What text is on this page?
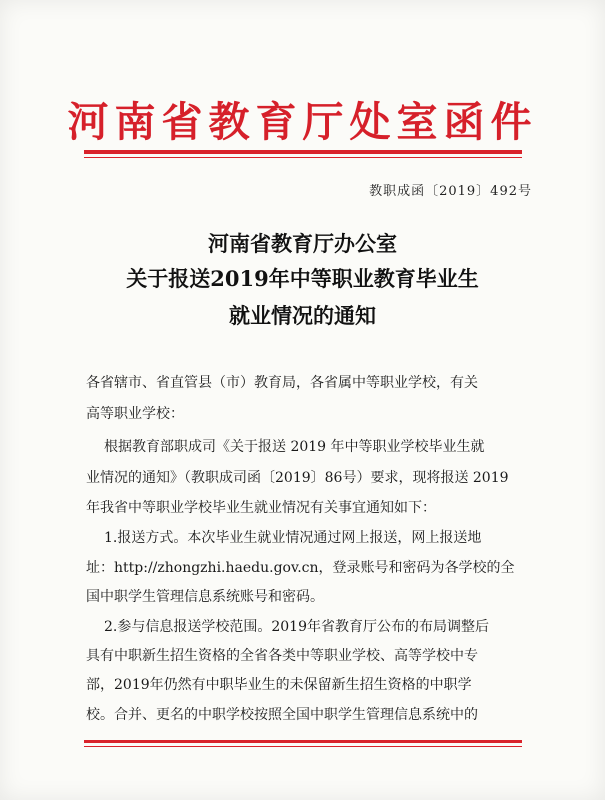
河南省教育厅处室函件
教职成函〔2019〕492号
河南省教育厅办公室
关于报送2019年中等职业教育毕业生
就业情况的通知
各省辖市、省直管县（市）教育局，各省属中等职业学校，有关
高等职业学校：
根据教育部职成司《关于报送 2019 年中等职业学校毕业生就
业情况的通知》（教职成司函〔2019〕86号）要求，现将报送 2019
年我省中等职业学校毕业生就业情况有关事宜通知如下：
1.报送方式。本次毕业生就业情况通过网上报送，网上报送地
址：http://zhongzhi.haedu.gov.cn，登录账号和密码为各学校的全
国中职学生管理信息系统账号和密码。
2.参与信息报送学校范围。2019年省教育厅公布的布局调整后
具有中职新生招生资格的全省各类中等职业学校、高等学校中专
部，2019年仍然有中职毕业生的未保留新生招生资格的中职学
校。合并、更名的中职学校按照全国中职学生管理信息系统中的
